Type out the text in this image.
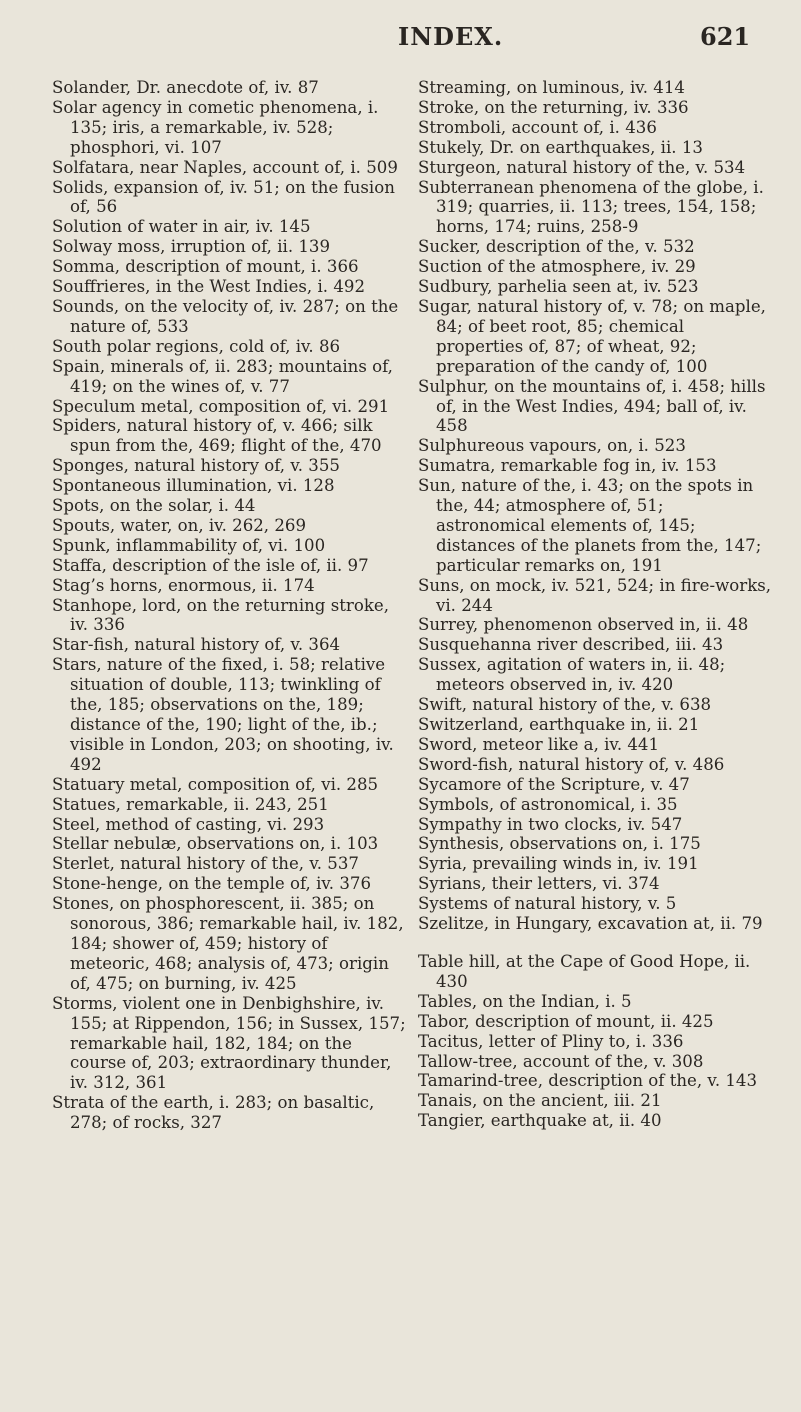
INDEX.	621

Solander, Dr. anecdote of, iv. 87

Solar agency in cometic phenomena, i. 135; iris, a remarkable, iv. 528; phosphori, vi. 107

Solfatara, near Naples, account of, i. 509

Solids, expansion of, iv. 51; on the fusion of, 56

Solution of water in air, iv. 145

Solway moss, irruption of, ii. 139

Somma, description of mount, i. 366

Souffrieres, in the West Indies, i. 492

Sounds, on the velocity of, iv. 287; on the nature of, 533

South polar regions, cold of, iv. 86

Spain, minerals of, ii. 283; mountains of, 419; on the wines of, v. 77

Speculum metal, composition of, vi. 291

Spiders, natural history of, v. 466; silk spun from the, 469; flight of the, 470

Sponges, natural history of, v. 355

Spontaneous illumination, vi. 128

Spots, on the solar, i. 44

Spouts, water, on, iv. 262, 269

Spunk, inflammability of, vi. 100

Staffa, description of the isle of, ii. 97

Stag’s horns, enormous, ii. 174

Stanhope, lord, on the returning stroke, iv. 336

Star-fish, natural history of, v. 364

Stars, nature of the fixed, i. 58; relative situation of double, 113; twinkling of the, 185; observations on the, 189; distance of the, 190; light of the, ib.; visible in London, 203; on shooting, iv. 492

Statuary metal, composition of, vi. 285

Statues, remarkable, ii. 243, 251

Steel, method of casting, vi. 293

Stellar nebulæ, observations on, i. 103

Sterlet, natural history of the, v. 537

Stone-henge, on the temple of, iv. 376

Stones, on phosphorescent, ii. 385; on sonorous, 386; remarkable hail, iv. 182, 184; shower of, 459; history of meteoric, 468; analysis of, 473; origin of, 475; on burning, iv. 425

Storms, violent one in Denbighshire, iv. 155; at Rippendon, 156; in Sussex, 157; remarkable hail, 182, 184; on the course of, 203; extraordinary thunder, iv. 312, 361

Strata of the earth, i. 283; on basaltic, 278; of rocks, 327

Streaming, on luminous, iv. 414

Stroke, on the returning, iv. 336

Stromboli, account of, i. 436

Stukely, Dr. on earthquakes, ii. 13

Sturgeon, natural history of the, v. 534

Subterranean phenomena of the globe, i. 319; quarries, ii. 113; trees, 154, 158; horns, 174; ruins, 258-9

Sucker, description of the, v. 532

Suction of the atmosphere, iv. 29

Sudbury, parhelia seen at, iv. 523

Sugar, natural history of, v. 78; on maple, 84; of beet root, 85; chemical properties of, 87; of wheat, 92; preparation of the candy of, 100

Sulphur, on the mountains of, i. 458; hills of, in the West Indies, 494; ball of, iv. 458

Sulphureous vapours, on, i. 523

Sumatra, remarkable fog in, iv. 153

Sun, nature of the, i. 43; on the spots in the, 44; atmosphere of, 51; astronomical elements of, 145; distances of the planets from the, 147; particular remarks on, 191

Suns, on mock, iv. 521, 524; in fire-works, vi. 244

Surrey, phenomenon observed in, ii. 48

Susquehanna river described, iii. 43

Sussex, agitation of waters in, ii. 48; meteors observed in, iv. 420

Swift, natural history of the, v. 638

Switzerland, earthquake in, ii. 21

Sword, meteor like a, iv. 441

Sword-fish, natural history of, v. 486

Sycamore of the Scripture, v. 47

Symbols, of astronomical, i. 35

Sympathy in two clocks, iv. 547

Synthesis, observations on, i. 175

Syria, prevailing winds in, iv. 191

Syrians, their letters, vi. 374

Systems of natural history, v. 5

Szelitze, in Hungary, excavation at, ii. 79

Table hill, at the Cape of Good Hope, ii. 430

Tables, on the Indian, i. 5

Tabor, description of mount, ii. 425

Tacitus, letter of Pliny to, i. 336

Tallow-tree, account of the, v. 308

Tamarind-tree, description of the, v. 143

Tanais, on the ancient, iii. 21

Tangier, earthquake at, ii. 40
